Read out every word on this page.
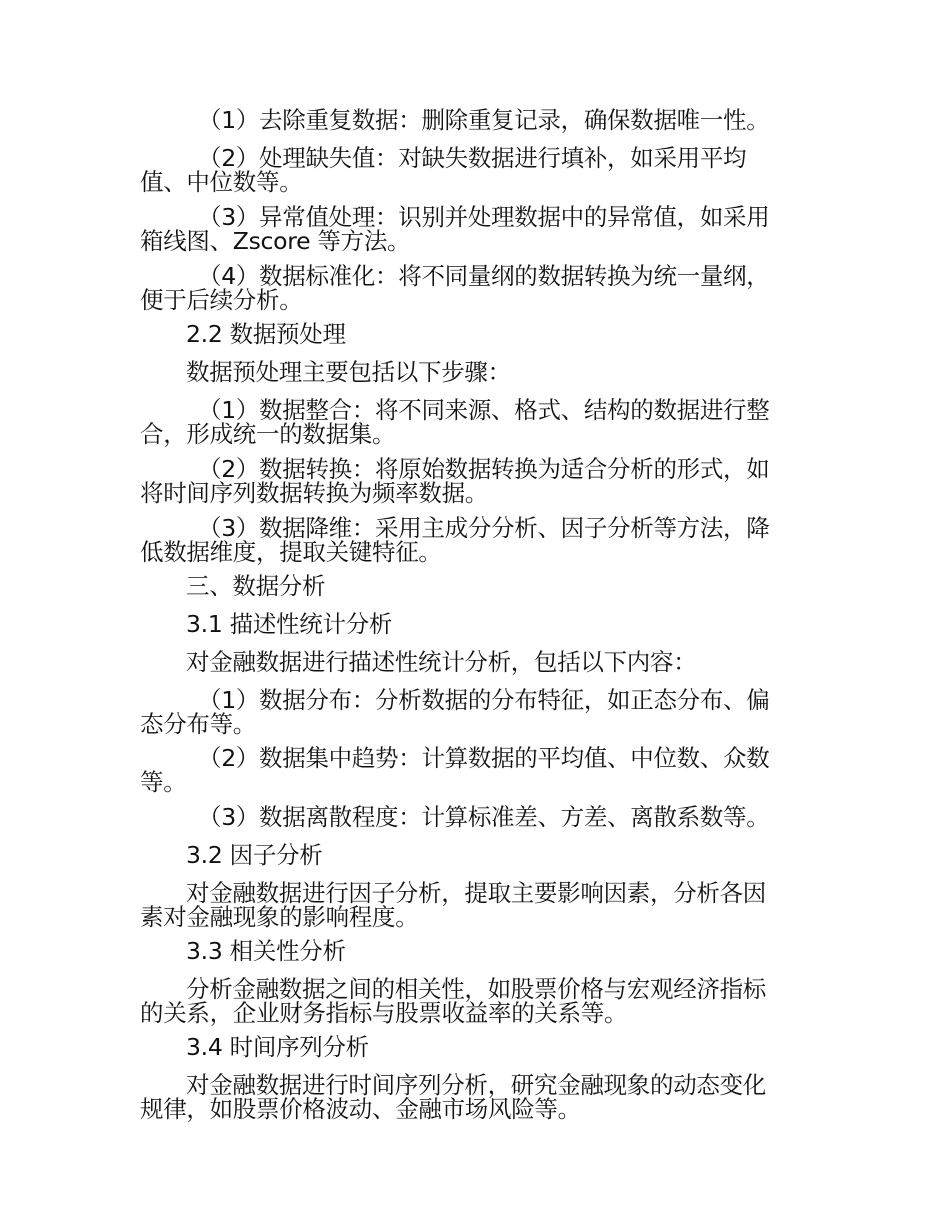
（1）去除重复数据：删除重复记录，确保数据唯一性。
（2）处理缺失值：对缺失数据进行填补，如采用平均
值、中位数等。
（3）异常值处理：识别并处理数据中的异常值，如采用
箱线图、Zscore 等方法。
（4）数据标准化：将不同量纲的数据转换为统一量纲，
便于后续分析。
2.2 数据预处理
数据预处理主要包括以下步骤：
（1）数据整合：将不同来源、格式、结构的数据进行整
合，形成统一的数据集。
（2）数据转换：将原始数据转换为适合分析的形式，如
将时间序列数据转换为频率数据。
（3）数据降维：采用主成分分析、因子分析等方法，降
低数据维度，提取关键特征。
三、数据分析
3.1 描述性统计分析
对金融数据进行描述性统计分析，包括以下内容：
（1）数据分布：分析数据的分布特征，如正态分布、偏
态分布等。
（2）数据集中趋势：计算数据的平均值、中位数、众数
等。
（3）数据离散程度：计算标准差、方差、离散系数等。
3.2 因子分析
对金融数据进行因子分析，提取主要影响因素，分析各因
素对金融现象的影响程度。
3.3 相关性分析
分析金融数据之间的相关性，如股票价格与宏观经济指标
的关系，企业财务指标与股票收益率的关系等。
3.4 时间序列分析
对金融数据进行时间序列分析，研究金融现象的动态变化
规律，如股票价格波动、金融市场风险等。
